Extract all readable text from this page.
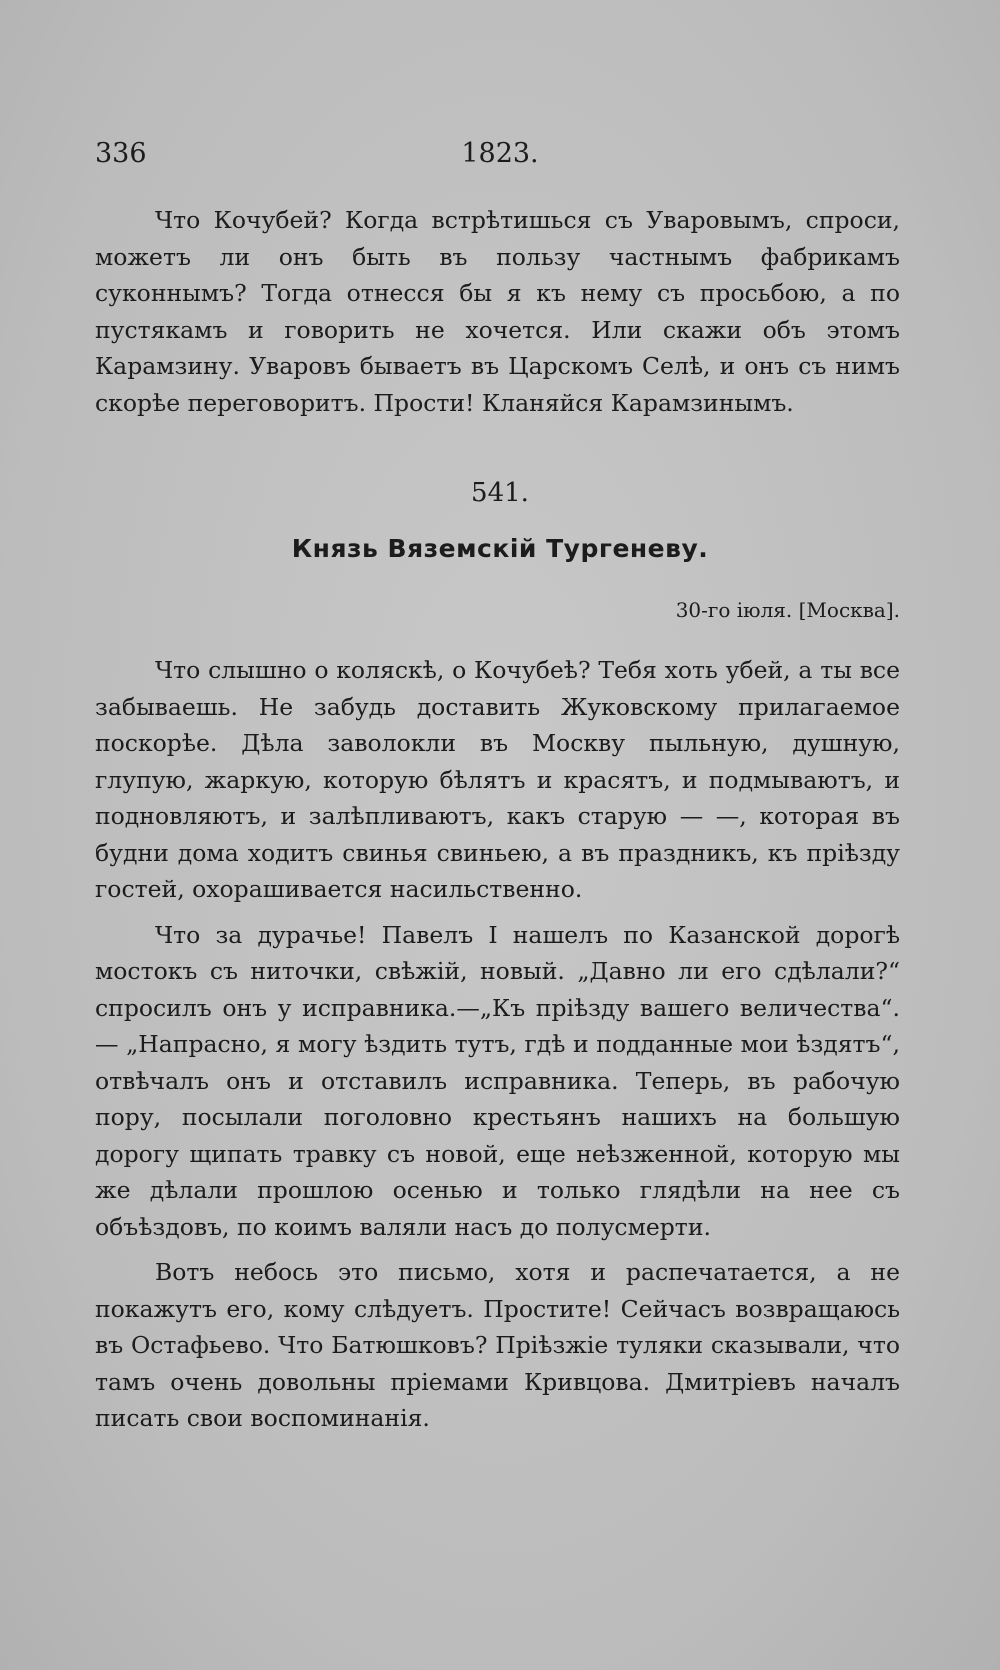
336	1823.

Что Кочубей? Когда встрѣтишься съ Уваровымъ, спроси, можетъ ли онъ быть въ пользу частнымъ фабрикамъ суконнымъ? Тогда отнесся бы я къ нему съ просьбою, а по пустякамъ и говорить не хочется. Или скажи объ этомъ Карамзину. Уваровъ бываетъ въ Царскомъ Селѣ, и онъ съ нимъ скорѣе переговоритъ. Прости! Кланяйся Карамзинымъ.

541.
Князь Вяземскій Тургеневу.
30-го іюля. [Москва].

Что слышно о коляскѣ, о Кочубеѣ? Тебя хоть убей, а ты все забываешь. Не забудь доставить Жуковскому прилагаемое поскорѣе. Дѣла заволокли въ Москву пыльную, душную, глупую, жаркую, которую бѣлятъ и красятъ, и подмываютъ, и подновляютъ, и залѣпливаютъ, какъ старую — —, которая въ будни дома ходитъ свинья свиньею, а въ праздникъ, къ пріѣзду гостей, охорашивается насильственно.

Что за дурачье! Павелъ I нашелъ по Казанской дорогѣ мостокъ съ ниточки, свѣжій, новый. „Давно ли его сдѣлали?“ спросилъ онъ у исправника.—„Къ пріѣзду вашего величества“.— „Напрасно, я могу ѣздить тутъ, гдѣ и подданные мои ѣздятъ“, отвѣчалъ онъ и отставилъ исправника. Теперь, въ рабочую пору, посылали поголовно крестьянъ нашихъ на большую дорогу щипать травку съ новой, еще неѣзженной, которую мы же дѣлали прошлою осенью и только глядѣли на нее съ объѣздовъ, по коимъ валяли насъ до полусмерти.

Вотъ небось это письмо, хотя и распечатается, а не покажутъ его, кому слѣдуетъ. Простите! Сейчасъ возвращаюсь въ Остафьево. Что Батюшковъ? Пріѣзжіе туляки сказывали, что тамъ очень довольны пріемами Кривцова. Дмитріевъ началъ писать свои воспоминанія.
